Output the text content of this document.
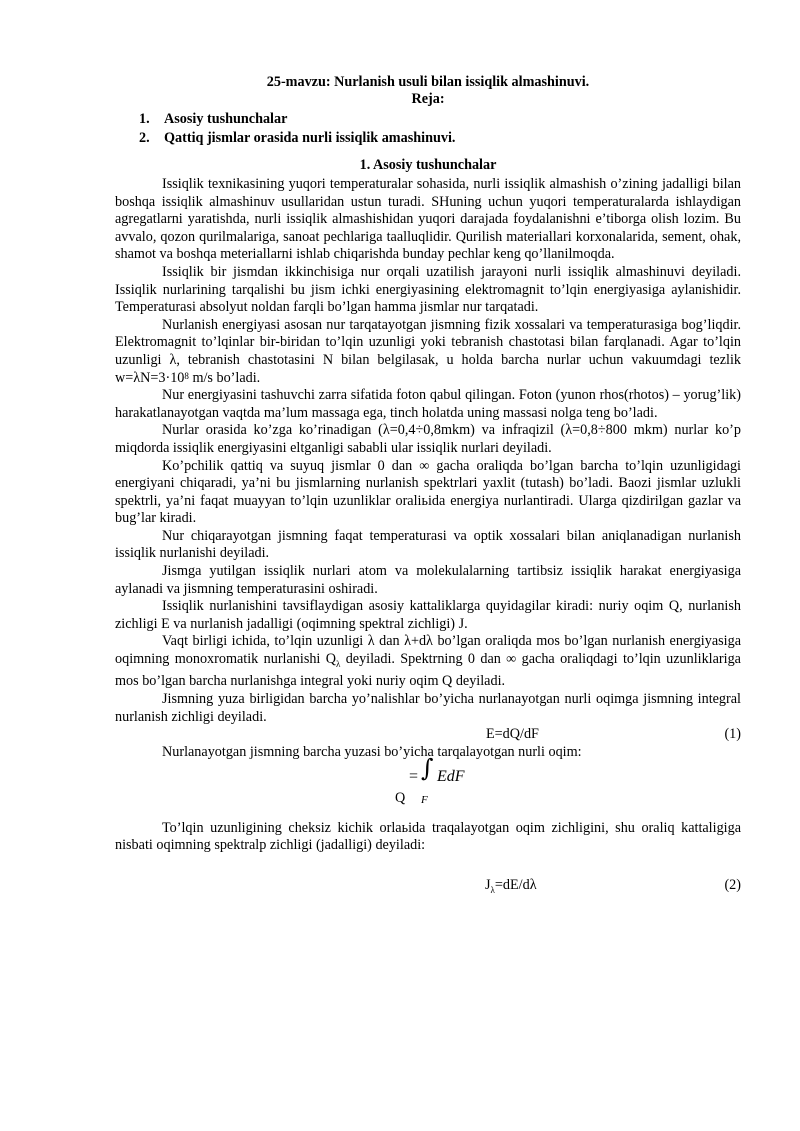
25-mavzu: Nurlanish usuli bilan issiqlik almashinuvi.
Reja:
1. Asosiy tushunchalar
2. Qattiq jismlar orasida nurli issiqlik amashinuvi.
1. Asosiy tushunchalar

Issiqlik texnikasining yuqori temperaturalar sohasida, nurli issiqlik almashish o’zining jadalligi bilan boshqa issiqlik almashinuv usullaridan ustun turadi. SHuning uchun yuqori temperaturalarda ishlaydigan agregatlarni yaratishda, nurli issiqlik almashishidan yuqori darajada foydalanishni e’tiborga olish lozim. Bu avvalo, qozon qurilmalariga, sanoat pechlariga taalluqlidir. Qurilish materiallari korxonalarida, sement, ohak, shamot va boshqa meteriallarni ishlab chiqarishda bunday pechlar keng qo’llanilmoqda.

Issiqlik bir jismdan ikkinchisiga nur orqali uzatilish jarayoni nurli issiqlik almashinuvi deyiladi. Issiqlik nurlarining tarqalishi bu jism ichki energiyasining elektromagnit to’lqin energiyasiga aylanishidir. Temperaturasi absolyut noldan farqli bo’lgan hamma jismlar nur tarqatadi.

Nurlanish energiyasi asosan nur tarqatayotgan jismning fizik xossalari va temperaturasiga bog’liqdir. Elektromagnit to’lqinlar bir-biridan to’lqin uzunligi yoki tebranish chastotasi bilan farqlanadi. Agar to’lqin uzunligi λ, tebranish chastotasini N bilan belgilasak, u holda barcha nurlar uchun vakuumdagi tezlik $w=\lambda N=3\cdot 10^8$ m/s bo’ladi.

Nur energiyasini tashuvchi zarra sifatida foton qabul qilingan. Foton (yunon rhos(rhotos) – yorug’lik) harakatlanayotgan vaqtda ma’lum massaga ega, tinch holatda uning massasi nolga teng bo’ladi.

Nurlar orasida ko’zga ko’rinadigan (λ=0,4÷0,8mkm) va infraqizil (λ=0,8÷800 mkm) nurlar ko’p miqdorda issiqlik energiyasini eltganligi sababli ular issiqlik nurlari deyiladi.

Ko’pchilik qattiq va suyuq jismlar 0 dan ∞ gacha oraliqda bo’lgan barcha to’lqin uzunligidagi energiyani chiqaradi, ya’ni bu jismlarning nurlanish spektrlari yaxlit (tutash) bo’ladi. Baozi jismlar uzlukli spektrli, ya’ni faqat muayyan to’lqin uzunliklar oraliьida energiya nurlantiradi. Ularga qizdirilgan gazlar va bug’lar kiradi.

Nur chiqarayotgan jismning faqat temperaturasi va optik xossalari bilan aniqlanadigan nurlanish issiqlik nurlanishi deyiladi.

Jismga yutilgan issiqlik nurlari atom va molekulalarning tartibsiz issiqlik harakat energiyasiga aylanadi va jismning temperaturasini oshiradi.

Issiqlik nurlanishini tavsiflaydigan asosiy kattaliklarga quyidagilar kiradi: nuriy oqim Q, nurlanish zichligi E va nurlanish jadalligi (oqimning spektral zichligi) J.

Vaqt birligi ichida, to’lqin uzunligi λ dan λ+dλ bo’lgan oraliqda mos bo’lgan nurlanish energiyasiga oqimning monoxromatik nurlanishi $Q_\lambda$ deyiladi. Spektrning 0 dan ∞ gacha oraliqdagi to’lqin uzunliklariga mos bo’lgan barcha nurlanishga integral yoki nuriy oqim Q deyiladi.

Jismning yuza birligidan barcha yo’nalishlar bo’yicha nurlanayotgan nurli oqimga jismning integral nurlanish zichligi deyiladi.

E=dQ/dF	(1)

Nurlanayotgan jismning barcha yuzasi bo’yicha tarqalayotgan nurli oqim:

= ∫ EdF
Q F

To’lqin uzunligining cheksiz kichik orlaьida traqalayotgan oqim zichligini, shu oraliq kattaligiga nisbati oqimning spektralp zichligi (jadalligi) deyiladi:

$J_\lambda=dE/d\lambda$	(2)
